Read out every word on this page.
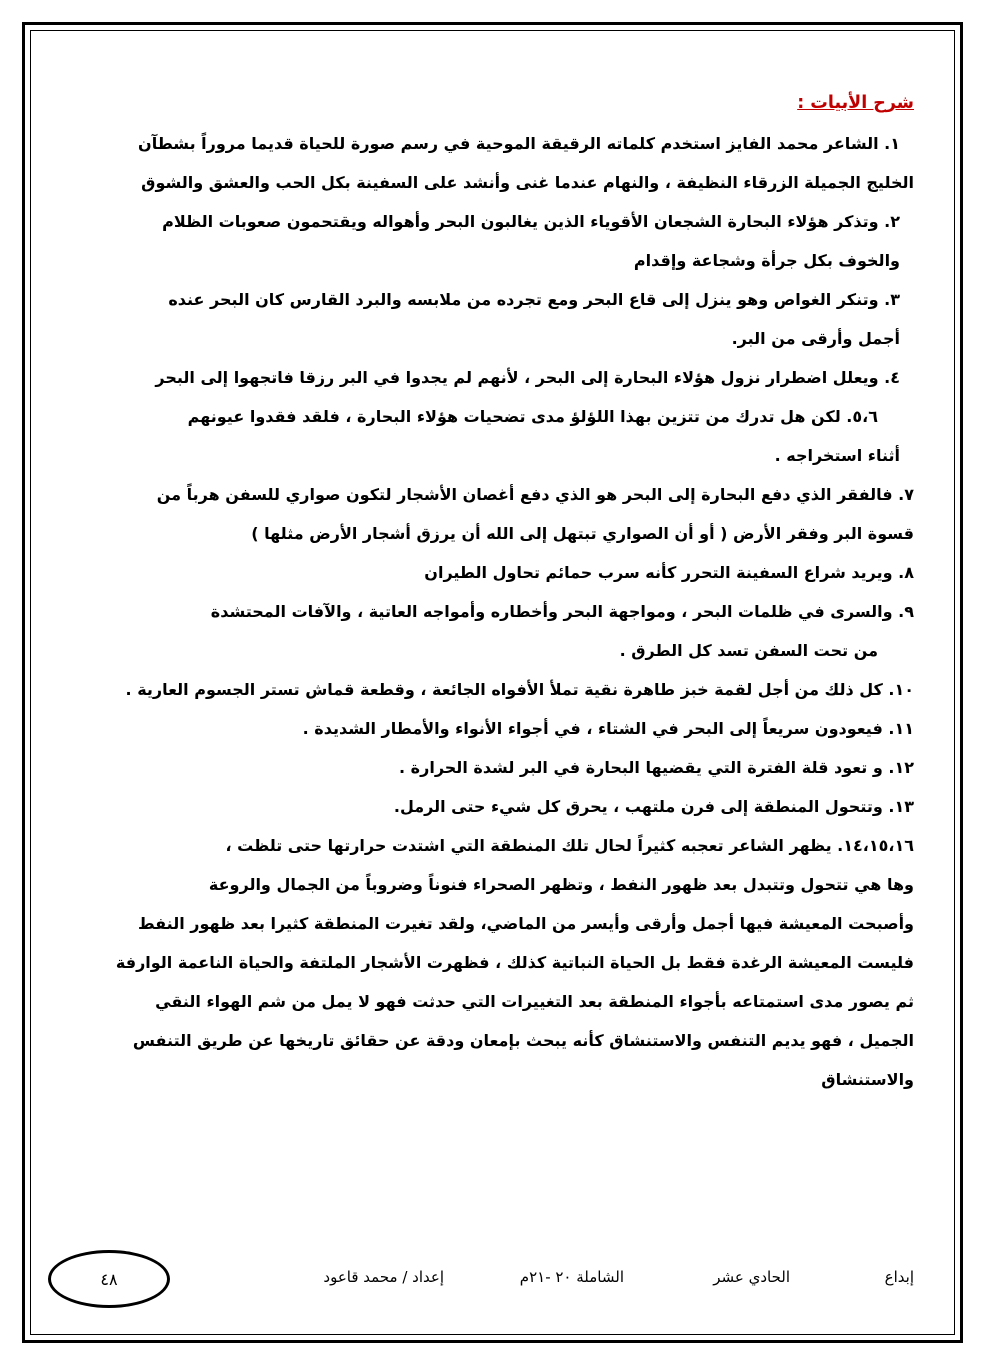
شرح الأبيات :
١. الشاعر محمد الفايز استخدم كلماته الرقيقة الموحية في رسم صورة للحياة قديما مروراً بشطآن
الخليج الجميلة الزرقاء النظيفة ، والنهام عندما غنى وأنشد على السفينة بكل الحب والعشق والشوق
٢. وتذكر هؤلاء البحارة الشجعان الأقوياء الذين يغالبون البحر وأهواله ويقتحمون صعوبات الظلام
والخوف بكل جرأة وشجاعة وإقدام
٣. وتنكر الغواص وهو ينزل إلى قاع البحر ومع تجرده من ملابسه والبرد القارس كان البحر عنده
أجمل وأرقى من البر.
٤. ويعلل اضطرار نزول هؤلاء البحارة إلى البحر ، لأنهم لم يجدوا في البر رزقا فاتجهوا إلى البحر
٥،٦. لكن هل تدرك من تتزين بهذا اللؤلؤ مدى تضحيات هؤلاء البحارة ، فلقد فقدوا عيونهم
أثناء استخراجه .
٧. فالفقر الذي دفع البحارة إلى البحر هو الذي دفع أغصان الأشجار لتكون صواري للسفن هرباً من
قسوة البر وفقر الأرض ( أو أن الصواري تبتهل إلى الله أن يرزق أشجار الأرض مثلها )
٨. ويريد شراع السفينة التحرر كأنه سرب حمائم تحاول الطيران
٩. والسرى في ظلمات البحر ، ومواجهة البحر وأخطاره وأمواجه العاتية ، والآفات المحتشدة
من تحت السفن تسد كل الطرق .
١٠. كل ذلك من أجل لقمة خبز طاهرة نقية تملأ الأفواه الجائعة ، وقطعة قماش تستر الجسوم العارية .
١١. فيعودون سريعاً إلى البحر في الشتاء ، في أجواء الأنواء والأمطار الشديدة .
١٢. و تعود قلة الفترة التي يقضيها البحارة في البر لشدة الحرارة .
١٣. وتتحول المنطقة إلى فرن ملتهب ، يحرق كل شيء حتى الرمل.
١٤،١٥،١٦. يظهر الشاعر تعجبه كثيراً لحال تلك المنطقة التي اشتدت حرارتها حتى تلظت ،
وها هي تتحول وتتبدل بعد ظهور النفط ، وتظهر الصحراء فنوناً وضروباً من الجمال والروعة
وأصبحت المعيشة فيها أجمل وأرقى وأيسر من الماضي، ولقد تغيرت المنطقة كثيرا بعد ظهور النفط
فليست المعيشة الرغدة فقط بل الحياة النباتية كذلك ، فظهرت الأشجار الملتفة والحياة الناعمة الوارفة
ثم يصور مدى استمتاعه بأجواء المنطقة بعد التغييرات التي حدثت فهو لا يمل من شم الهواء النقي
الجميل ، فهو يديم التنفس والاستنشاق كأنه يبحث بإمعان ودقة عن حقائق تاريخها عن طريق التنفس
والاستنشاق
إبداع
الحادي عشر
الشاملة ٢٠ -٢١م
إعداد / محمد قاعود
٤٨
